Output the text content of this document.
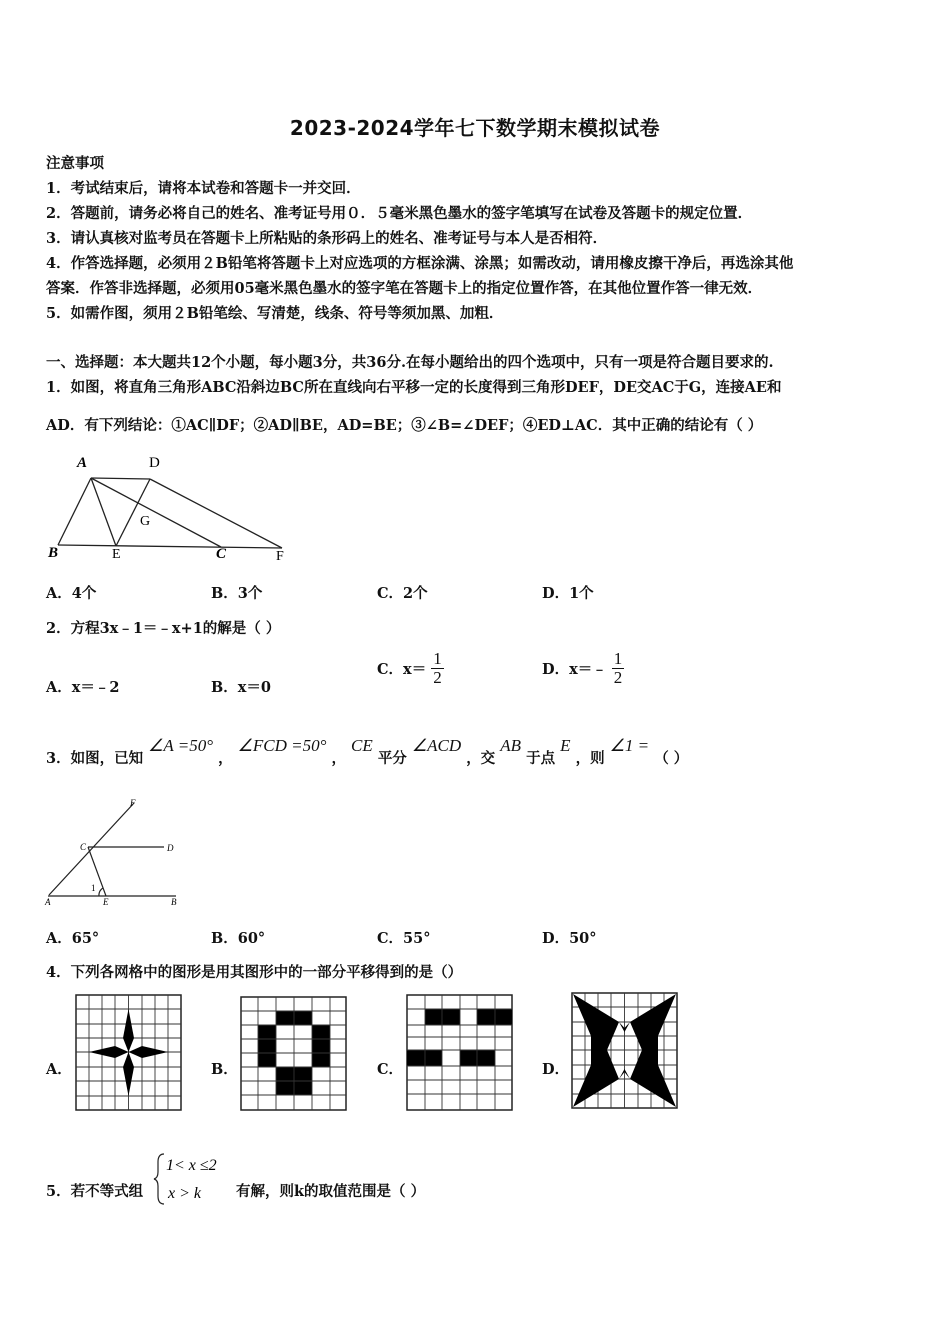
2023-2024学年七下数学期末模拟试卷
注意事项
1．考试结束后，请将本试卷和答题卡一并交回．
2．答题前，请务必将自己的姓名、准考证号用０．５毫米黑色墨水的签字笔填写在试卷及答题卡的规定位置．
3．请认真核对监考员在答题卡上所粘贴的条形码上的姓名、准考证号与本人是否相符．
4．作答选择题，必须用２B铅笔将答题卡上对应选项的方框涂满、涂黑；如需改动，请用橡皮擦干净后，再选涂其他
答案．作答非选择题，必须用05毫米黑色墨水的签字笔在答题卡上的指定位置作答，在其他位置作答一律无效．
5．如需作图，须用２B铅笔绘、写清楚，线条、符号等须加黑、加粗．
一、选择题：本大题共12个小题，每小题3分，共36分.在每小题给出的四个选项中，只有一项是符合题目要求的.
1．如图，将直角三角形ABC沿斜边BC所在直线向右平移一定的长度得到三角形DEF，DE交AC于G，连接AE和
AD．有下列结论：①AC∥DF；②AD∥BE，AD=BE；③∠B=∠DEF；④ED⊥AC．其中正确的结论有（ ）
A	D
G
B	E	C	F
A．4个	B．3个	C．2个	D．1个
2．方程3x﹣1＝﹣x+1的解是（ ）
A．x＝﹣2	B．x＝0
C．$x= \frac{1}{2}$	D．x＝﹣ $\frac{1}{2}$
3．如图，已知 ∠A =50° ， ∠FCD =50° ， CE 平分 ∠ACD ，交 AB 于点 E ，则 ∠1 = （ ）
F
C	D
1
A	E	B
A．65°	B．60°	C．55°	D．50°
4．下列各网格中的图形是用其图形中的一部分平移得到的是（）
A．	B．	C．	D．
5．若不等式组
1< x ≤2
x > k 有解，则k的取值范围是（ ）
